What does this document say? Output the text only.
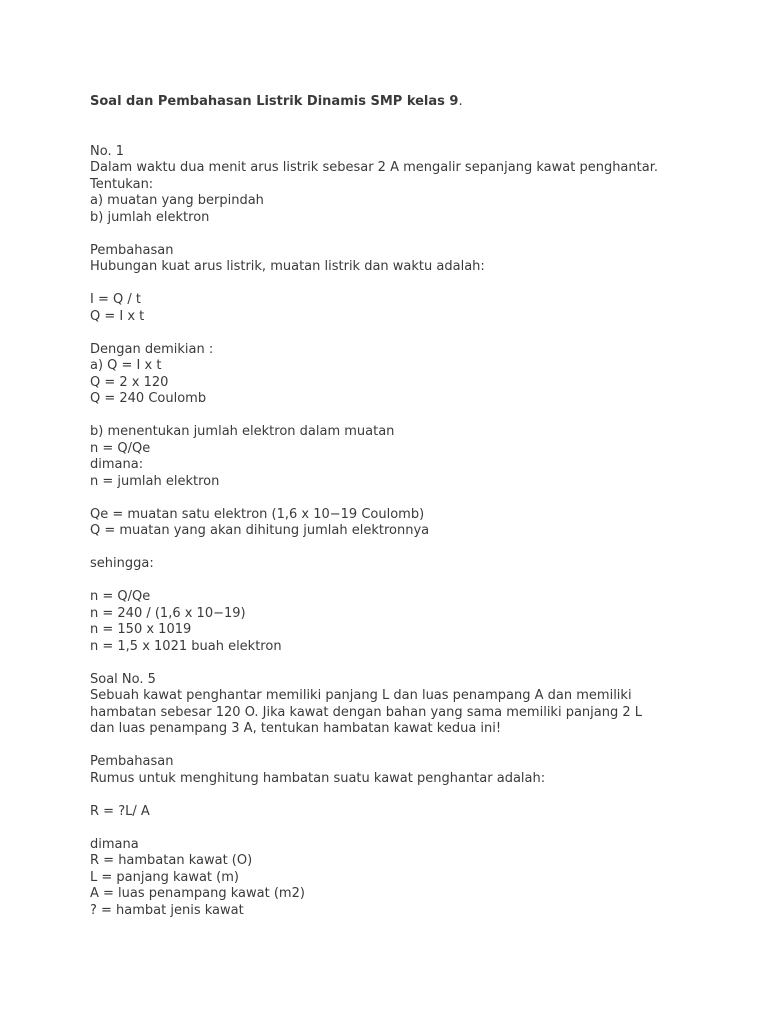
Soal dan Pembahasan Listrik Dinamis SMP kelas 9.
No. 1
Dalam waktu dua menit arus listrik sebesar 2 A mengalir sepanjang kawat penghantar.
Tentukan:
a) muatan yang berpindah
b) jumlah elektron
Pembahasan
Hubungan kuat arus listrik, muatan listrik dan waktu adalah:
I = Q / t
Q = I x t
Dengan demikian :
a) Q = I x t
Q = 2 x 120
Q = 240 Coulomb
b) menentukan jumlah elektron dalam muatan
n = Q/Qe
dimana:
n = jumlah elektron
Qe = muatan satu elektron (1,6 x 10−19 Coulomb)
Q = muatan yang akan dihitung jumlah elektronnya
sehingga:
n = Q/Qe
n = 240 / (1,6 x 10−19)
n = 150 x 1019
n = 1,5 x 1021 buah elektron
Soal No. 5
Sebuah kawat penghantar memiliki panjang L dan luas penampang A dan memiliki
hambatan sebesar 120 O. Jika kawat dengan bahan yang sama memiliki panjang 2 L
dan luas penampang 3 A, tentukan hambatan kawat kedua ini!
Pembahasan
Rumus untuk menghitung hambatan suatu kawat penghantar adalah:
R = ?L/ A
dimana
R = hambatan kawat (O)
L = panjang kawat (m)
A = luas penampang kawat (m2)
? = hambat jenis kawat
